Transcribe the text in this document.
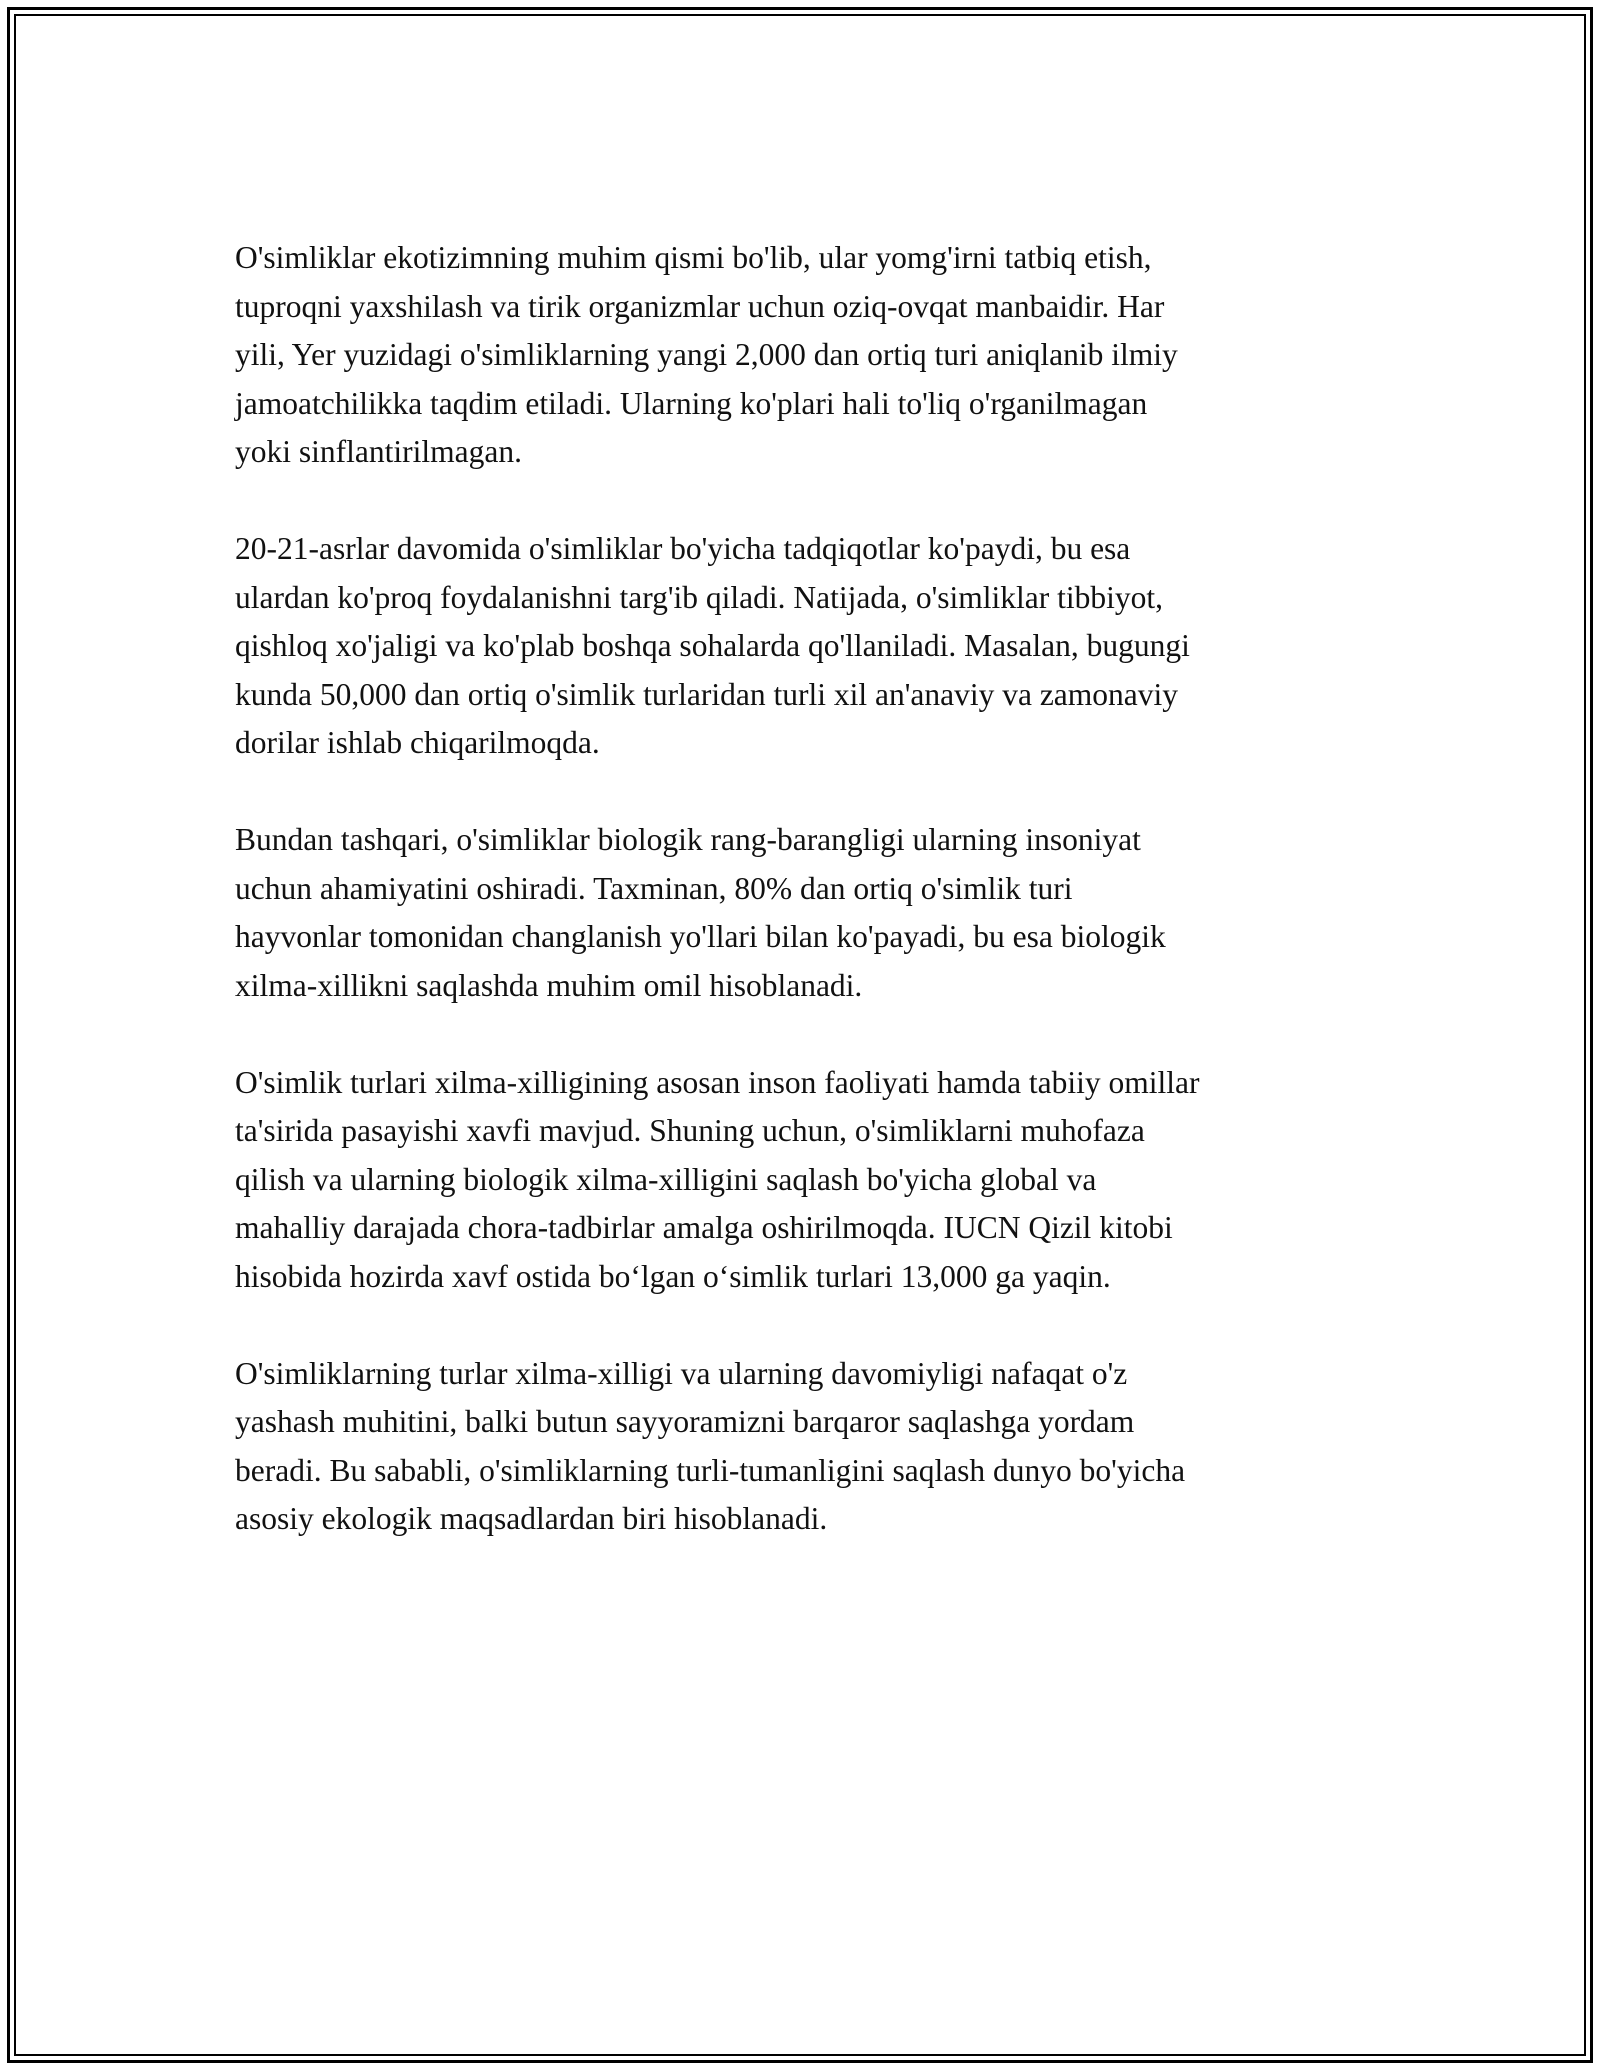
O'simliklar ekotizimning muhim qismi bo'lib, ular yomg'irni tatbiq etish,
tuproqni yaxshilash va tirik organizmlar uchun oziq-ovqat manbaidir. Har
yili, Yer yuzidagi o'simliklarning yangi 2,000 dan ortiq turi aniqlanib ilmiy
jamoatchilikka taqdim etiladi. Ularning ko'plari hali to'liq o'rganilmagan
yoki sinflantirilmagan.

20-21-asrlar davomida o'simliklar bo'yicha tadqiqotlar ko'paydi, bu esa
ulardan ko'proq foydalanishni targ'ib qiladi. Natijada, o'simliklar tibbiyot,
qishloq xo'jaligi va ko'plab boshqa sohalarda qo'llaniladi. Masalan, bugungi
kunda 50,000 dan ortiq o'simlik turlaridan turli xil an'anaviy va zamonaviy
dorilar ishlab chiqarilmoqda.

Bundan tashqari, o'simliklar biologik rang-barangligi ularning insoniyat
uchun ahamiyatini oshiradi. Taxminan, 80% dan ortiq o'simlik turi
hayvonlar tomonidan changlanish yo'llari bilan ko'payadi, bu esa biologik
xilma-xillikni saqlashda muhim omil hisoblanadi.

O'simlik turlari xilma-xilligining asosan inson faoliyati hamda tabiiy omillar
ta'sirida pasayishi xavfi mavjud. Shuning uchun, o'simliklarni muhofaza
qilish va ularning biologik xilma-xilligini saqlash bo'yicha global va
mahalliy darajada chora-tadbirlar amalga oshirilmoqda. IUCN Qizil kitobi
hisobida hozirda xavf ostida bo‘lgan o‘simlik turlari 13,000 ga yaqin.

O'simliklarning turlar xilma-xilligi va ularning davomiyligi nafaqat o'z
yashash muhitini, balki butun sayyoramizni barqaror saqlashga yordam
beradi. Bu sababli, o'simliklarning turli-tumanligini saqlash dunyo bo'yicha
asosiy ekologik maqsadlardan biri hisoblanadi.
